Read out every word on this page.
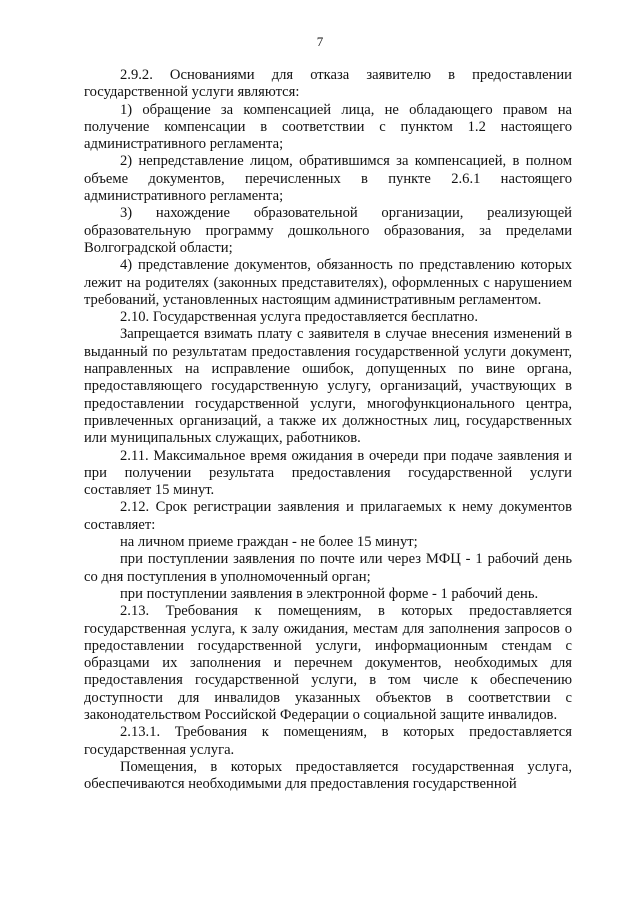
7

2.9.2. Основаниями для отказа заявителю в предоставлении государственной услуги являются:

1) обращение за компенсацией лица, не обладающего правом на получение компенсации в соответствии с пунктом 1.2 настоящего административного регламента;

2) непредставление лицом, обратившимся за компенсацией, в полном объеме документов, перечисленных в пункте 2.6.1 настоящего административного регламента;

3) нахождение образовательной организации, реализующей образовательную программу дошкольного образования, за пределами Волгоградской области;

4) представление документов, обязанность по представлению которых лежит на родителях (законных представителях), оформленных с нарушением требований, установленных настоящим административным регламентом.

2.10. Государственная услуга предоставляется бесплатно.

Запрещается взимать плату с заявителя в случае внесения изменений в выданный по результатам предоставления государственной услуги документ, направленных на исправление ошибок, допущенных по вине органа, предоставляющего государственную услугу, организаций, участвующих в предоставлении государственной услуги, многофункционального центра, привлеченных организаций, а также их должностных лиц, государственных или муниципальных служащих, работников.

2.11. Максимальное время ожидания в очереди при подаче заявления и при получении результата предоставления государственной услуги составляет 15 минут.

2.12. Срок регистрации заявления и прилагаемых к нему документов составляет:

на личном приеме граждан - не более 15 минут;

при поступлении заявления по почте или через МФЦ - 1 рабочий день со дня поступления в уполномоченный орган;

при поступлении заявления в электронной форме - 1 рабочий день.

2.13. Требования к помещениям, в которых предоставляется государственная услуга, к залу ожидания, местам для заполнения запросов о предоставлении государственной услуги, информационным стендам с образцами их заполнения и перечнем документов, необходимых для предоставления государственной услуги, в том числе к обеспечению доступности для инвалидов указанных объектов в соответствии с законодательством Российской Федерации о социальной защите инвалидов.

2.13.1. Требования к помещениям, в которых предоставляется государственная услуга.

Помещения, в которых предоставляется государственная услуга, обеспечиваются необходимыми для предоставления государственной
